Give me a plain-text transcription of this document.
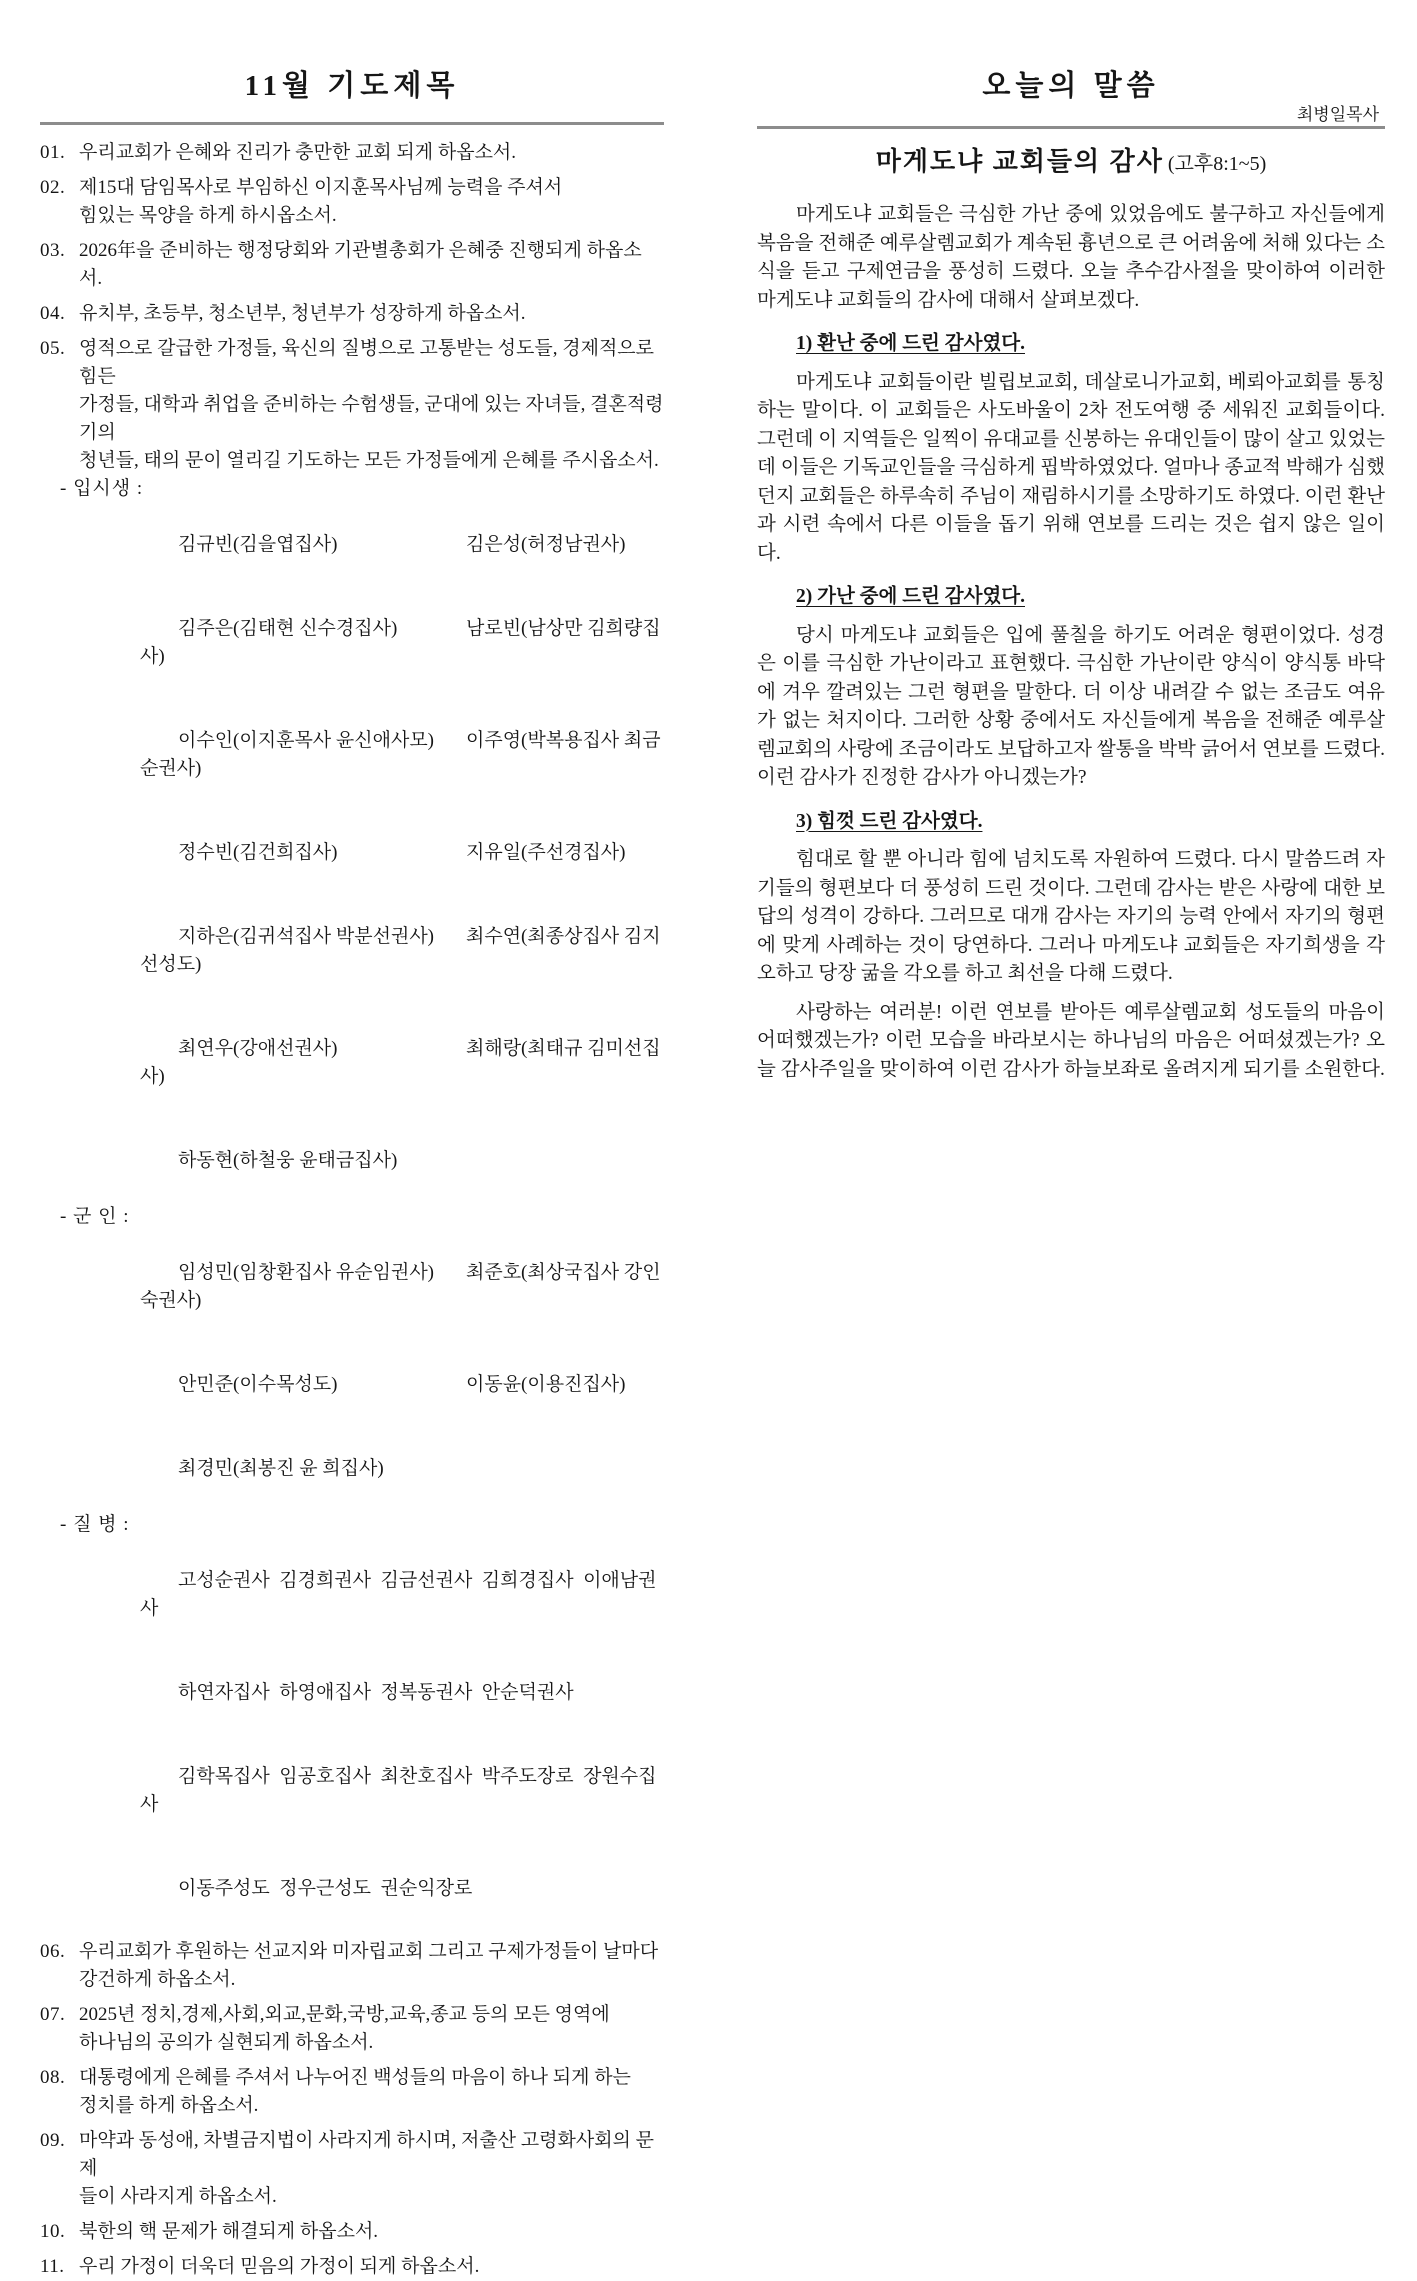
11월 기도제목
01. 우리교회가 은혜와 진리가 충만한 교회 되게 하옵소서.
02. 제15대 담임목사로 부임하신 이지훈목사님께 능력을 주셔서
힘있는 목양을 하게 하시옵소서.
03. 2026年을 준비하는 행정당회와 기관별총회가 은혜중 진행되게 하옵소서.
04. 유치부, 초등부, 청소년부, 청년부가 성장하게 하옵소서.
05. 영적으로 갈급한 가정들, 육신의 질병으로 고통받는 성도들, 경제적으로 힘든
가정들, 대학과 취업을 준비하는 수험생들, 군대에 있는 자녀들, 결혼적령기의
청년들, 태의 문이 열리길 기도하는 모든 가정들에게 은혜를 주시옵소서.

- 입시생 :

김규빈(김을엽집사)	김은성(허정남권사)

김주은(김태현 신수경집사)	남로빈(남상만 김희량집사)

이수인(이지훈목사 윤신애사모) 이주영(박복용집사 최금순권사)

정수빈(김건희집사)	지유일(주선경집사)

지하은(김귀석집사 박분선권사) 최수연(최종상집사 김지선성도)

최연우(강애선권사)	최해랑(최태규 김미선집사)

하동현(하철웅 윤태금집사)

- 군 인 :

임성민(임창환집사 유순임권사) 최준호(최상국집사 강인숙권사)

안민준(이수목성도)	이동윤(이용진집사)

최경민(최봉진 윤 희집사)

- 질 병 :

고성순권사  김경희권사  김금선권사  김희경집사  이애남권사

하연자집사  하영애집사  정복동권사  안순덕권사

김학목집사  임공호집사  최찬호집사  박주도장로  장원수집사

이동주성도  정우근성도  권순익장로

06. 우리교회가 후원하는 선교지와 미자립교회 그리고 구제가정들이 날마다
강건하게 하옵소서.
07. 2025년 정치,경제,사회,외교,문화,국방,교육,종교 등의 모든 영역에
하나님의 공의가 실현되게 하옵소서.
08. 대통령에게 은혜를 주셔서 나누어진 백성들의 마음이 하나 되게 하는
정치를 하게 하옵소서.
09. 마약과 동성애, 차별금지법이 사라지게 하시며, 저출산 고령화사회의 문제
들이 사라지게 하옵소서.
10. 북한의 핵 문제가 해결되게 하옵소서.
11. 우리 가정이 더욱더 믿음의 가정이 되게 하옵소서.
오늘의 말씀
최병일목사
마게도냐 교회들의 감사 (고후8:1~5)

마게도냐 교회들은 극심한 가난 중에 있었음에도 불구하고 자신들에게 복음을 전해준 예루살렘교회가 계속된 흉년으로 큰 어려움에 처해 있다는 소식을 듣고 구제연금을 풍성히 드렸다. 오늘 추수감사절을 맞이하여 이러한 마게도냐 교회들의 감사에 대해서 살펴보겠다.

1) 환난 중에 드린 감사였다.

마게도냐 교회들이란 빌립보교회, 데살로니가교회, 베뢰아교회를 통칭하는 말이다. 이 교회들은 사도바울이 2차 전도여행 중 세워진 교회들이다. 그런데 이 지역들은 일찍이 유대교를 신봉하는 유대인들이 많이 살고 있었는데 이들은 기독교인들을 극심하게 핍박하였었다. 얼마나 종교적 박해가 심했던지 교회들은 하루속히 주님이 재림하시기를 소망하기도 하였다. 이런 환난과 시련 속에서 다른 이들을 돕기 위해 연보를 드리는 것은 쉽지 않은 일이다.

2) 가난 중에 드린 감사였다.

당시 마게도냐 교회들은 입에 풀칠을 하기도 어려운 형편이었다. 성경은 이를 극심한 가난이라고 표현했다. 극심한 가난이란 양식이 양식통 바닥에 겨우 깔려있는 그런 형편을 말한다. 더 이상 내려갈 수 없는 조금도 여유가 없는 처지이다. 그러한 상황 중에서도 자신들에게 복음을 전해준 예루살렘교회의 사랑에 조금이라도 보답하고자 쌀통을 박박 긁어서 연보를 드렸다. 이런 감사가 진정한 감사가 아니겠는가?

3) 힘껏 드린 감사였다.

힘대로 할 뿐 아니라 힘에 넘치도록 자원하여 드렸다. 다시 말씀드려 자기들의 형편보다 더 풍성히 드린 것이다. 그런데 감사는 받은 사랑에 대한 보답의 성격이 강하다. 그러므로 대개 감사는 자기의 능력 안에서 자기의 형편에 맞게 사례하는 것이 당연하다. 그러나 마게도냐 교회들은 자기희생을 각오하고 당장 굶을 각오를 하고 최선을 다해 드렸다.

사랑하는 여러분! 이런 연보를 받아든 예루살렘교회 성도들의 마음이 어떠했겠는가? 이런 모습을 바라보시는 하나님의 마음은 어떠셨겠는가? 오늘 감사주일을 맞이하여 이런 감사가 하늘보좌로 올려지게 되기를 소원한다.
